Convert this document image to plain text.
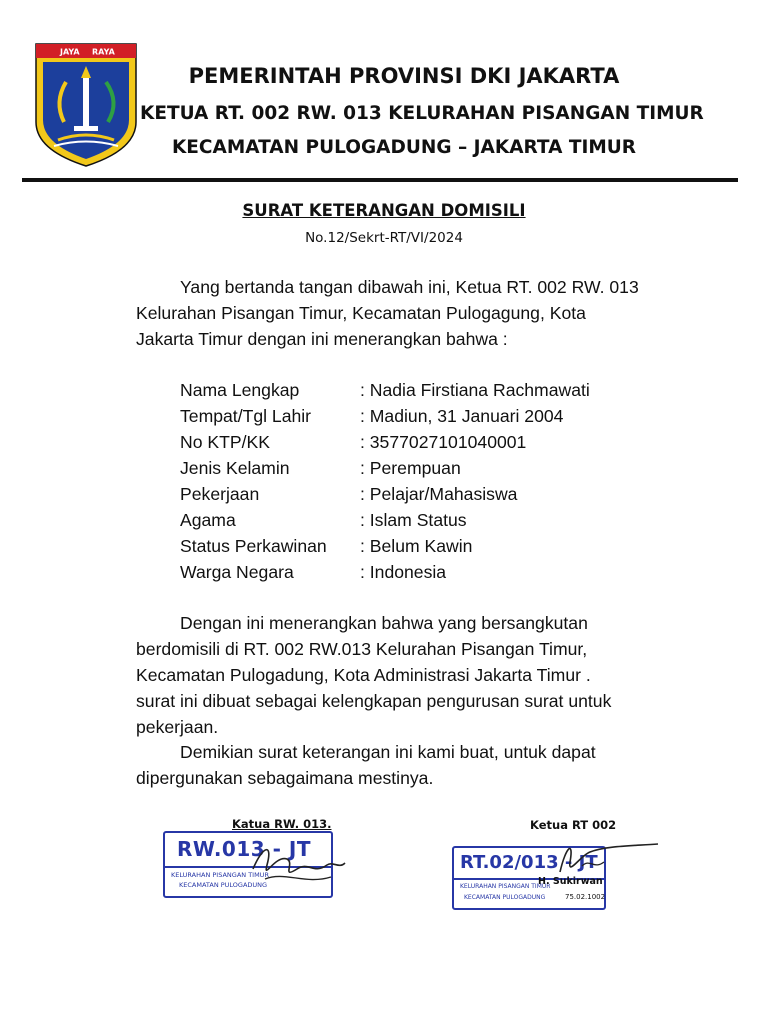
JAYA RAYA
PEMERINTAH PROVINSI DKI JAKARTA
KETUA RT. 002 RW. 013 KELURAHAN PISANGAN TIMUR
KECAMATAN PULOGADUNG – JAKARTA TIMUR
SURAT KETERANGAN DOMISILI
No.12/Sekrt-RT/VI/2024
Yang bertanda tangan dibawah ini, Ketua RT. 002 RW. 013
Kelurahan Pisangan Timur, Kecamatan Pulogagung, Kota
Jakarta Timur dengan ini menerangkan bahwa :
Nama Lengkap	: Nadia Firstiana Rachmawati
Tempat/Tgl Lahir	: Madiun, 31 Januari 2004
No KTP/KK	: 3577027101040001
Jenis Kelamin	: Perempuan
Pekerjaan	: Pelajar/Mahasiswa
Agama	: Islam Status
Status Perkawinan : Belum Kawin
Warga Negara	: Indonesia
Dengan ini menerangkan bahwa yang bersangkutan
berdomisili di RT. 002 RW.013 Kelurahan Pisangan Timur,
Kecamatan Pulogadung, Kota Administrasi Jakarta Timur .
surat ini dibuat sebagai kelengkapan pengurusan surat untuk
pekerjaan.
Demikian surat keterangan ini kami buat, untuk dapat
dipergunakan sebagaimana mestinya.
Katua RW. 013.
RW.013 - JT
KELURAHAN PISANGAN TIMUR
KECAMATAN PULOGADUNG
Ketua RT 002
RT.02/013 - JT
KELURAHAN PISANGAN TIMUR
KECAMATAN PULOGADUNG
H. Sukirwan
75.02.1002
